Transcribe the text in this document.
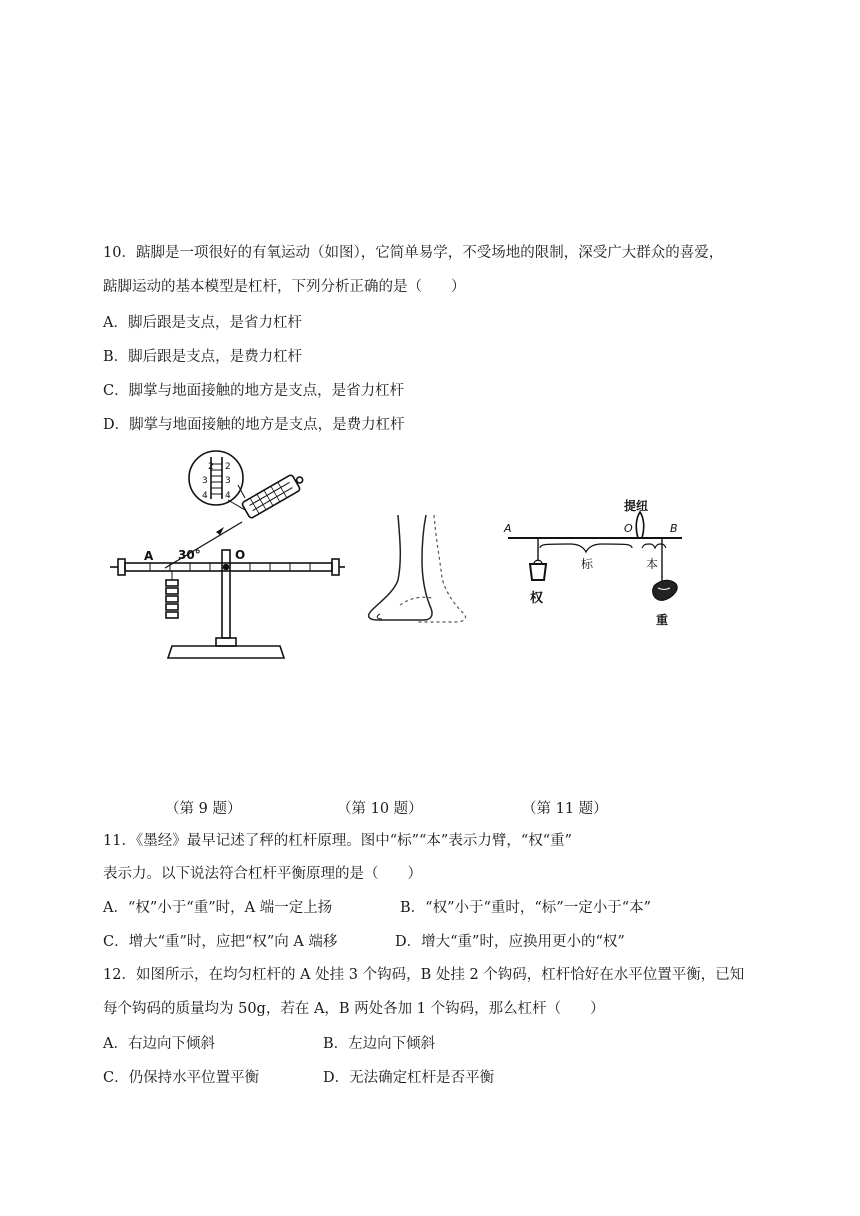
10．踮脚是一项很好的有氧运动（如图），它简单易学，不受场地的限制，深受广大群众的喜爱，
踮脚运动的基本模型是杠杆，下列分析正确的是（　　）
A．脚后跟是支点，是省力杠杆
B．脚后跟是支点，是费力杠杆
C．脚掌与地面接触的地方是支点，是省力杠杆
D．脚掌与地面接触的地方是支点，是费力杠杆
2 2
3 3
4 4
A 30°	O
A	O	B
提纽
标	本
权
重
（第 9 题）	（第 10 题）	（第 11 题）
11．《墨经》最早记述了秤的杠杆原理。图中“标”“本”表示力臂，“权“重”
表示力。以下说法符合杠杆平衡原理的是（　　）
A．“权”小于“重”时，A 端一定上扬	B．“权”小于“重时，“标”一定小于“本”
C．增大“重”时，应把“权”向 A 端移	D．增大“重”时，应换用更小的“权”
12．如图所示，在均匀杠杆的 A 处挂 3 个钩码，B 处挂 2 个钩码，杠杆恰好在水平位置平衡，已知
每个钩码的质量均为 50g，若在 A，B 两处各加 1 个钩码，那么杠杆（　　）
A．右边向下倾斜	B．左边向下倾斜
C．仍保持水平位置平衡	D．无法确定杠杆是否平衡
